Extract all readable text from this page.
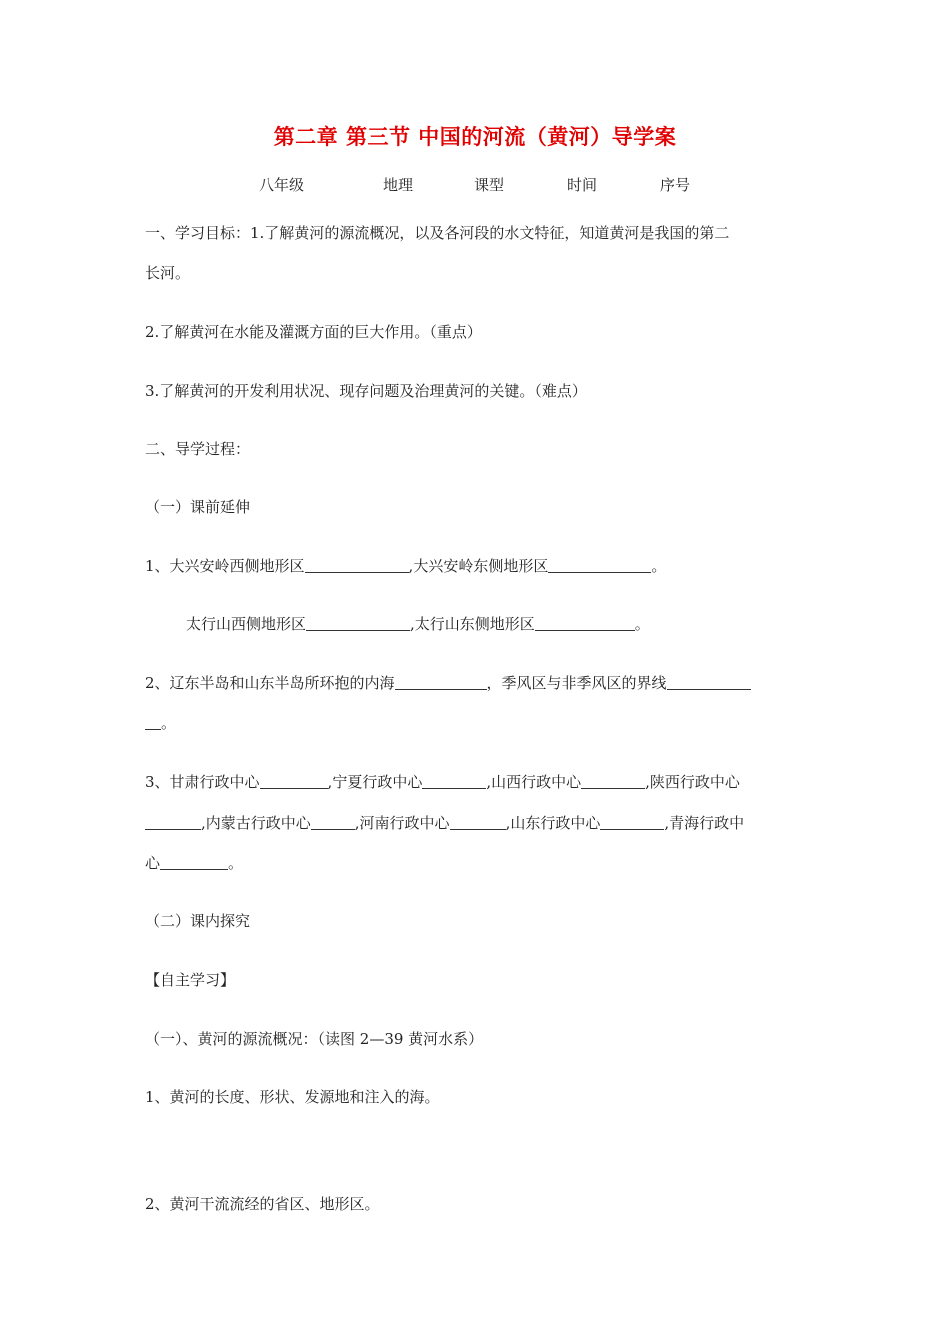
第二章 第三节 中国的河流（黄河）导学案
八年级	地理	课型	时间	序号
一、学习目标：1.了解黄河的源流概况，以及各河段的水文特征，知道黄河是我国的第二
长河。
2.了解黄河在水能及灌溉方面的巨大作用。（重点）
3.了解黄河的开发利用状况、现存问题及治理黄河的关键。（难点）
二、导学过程：
（一）课前延伸
1、大兴安岭西侧地形区	,大兴安岭东侧地形区	。
太行山西侧地形区	,太行山东侧地形区	。
2、辽东半岛和山东半岛所环抱的内海	，季风区与非季风区的界线
。
3、甘肃行政中心	,宁夏行政中心	,山西行政中心	,陕西行政中心
,内蒙古行政中心	,河南行政中心	,山东行政中心	,青海行政中
心	。
（二）课内探究
【自主学习】
（一）、黄河的源流概况：（读图 2—39 黄河水系）
1、黄河的长度、形状、发源地和注入的海。
2、黄河干流流经的省区、地形区。
